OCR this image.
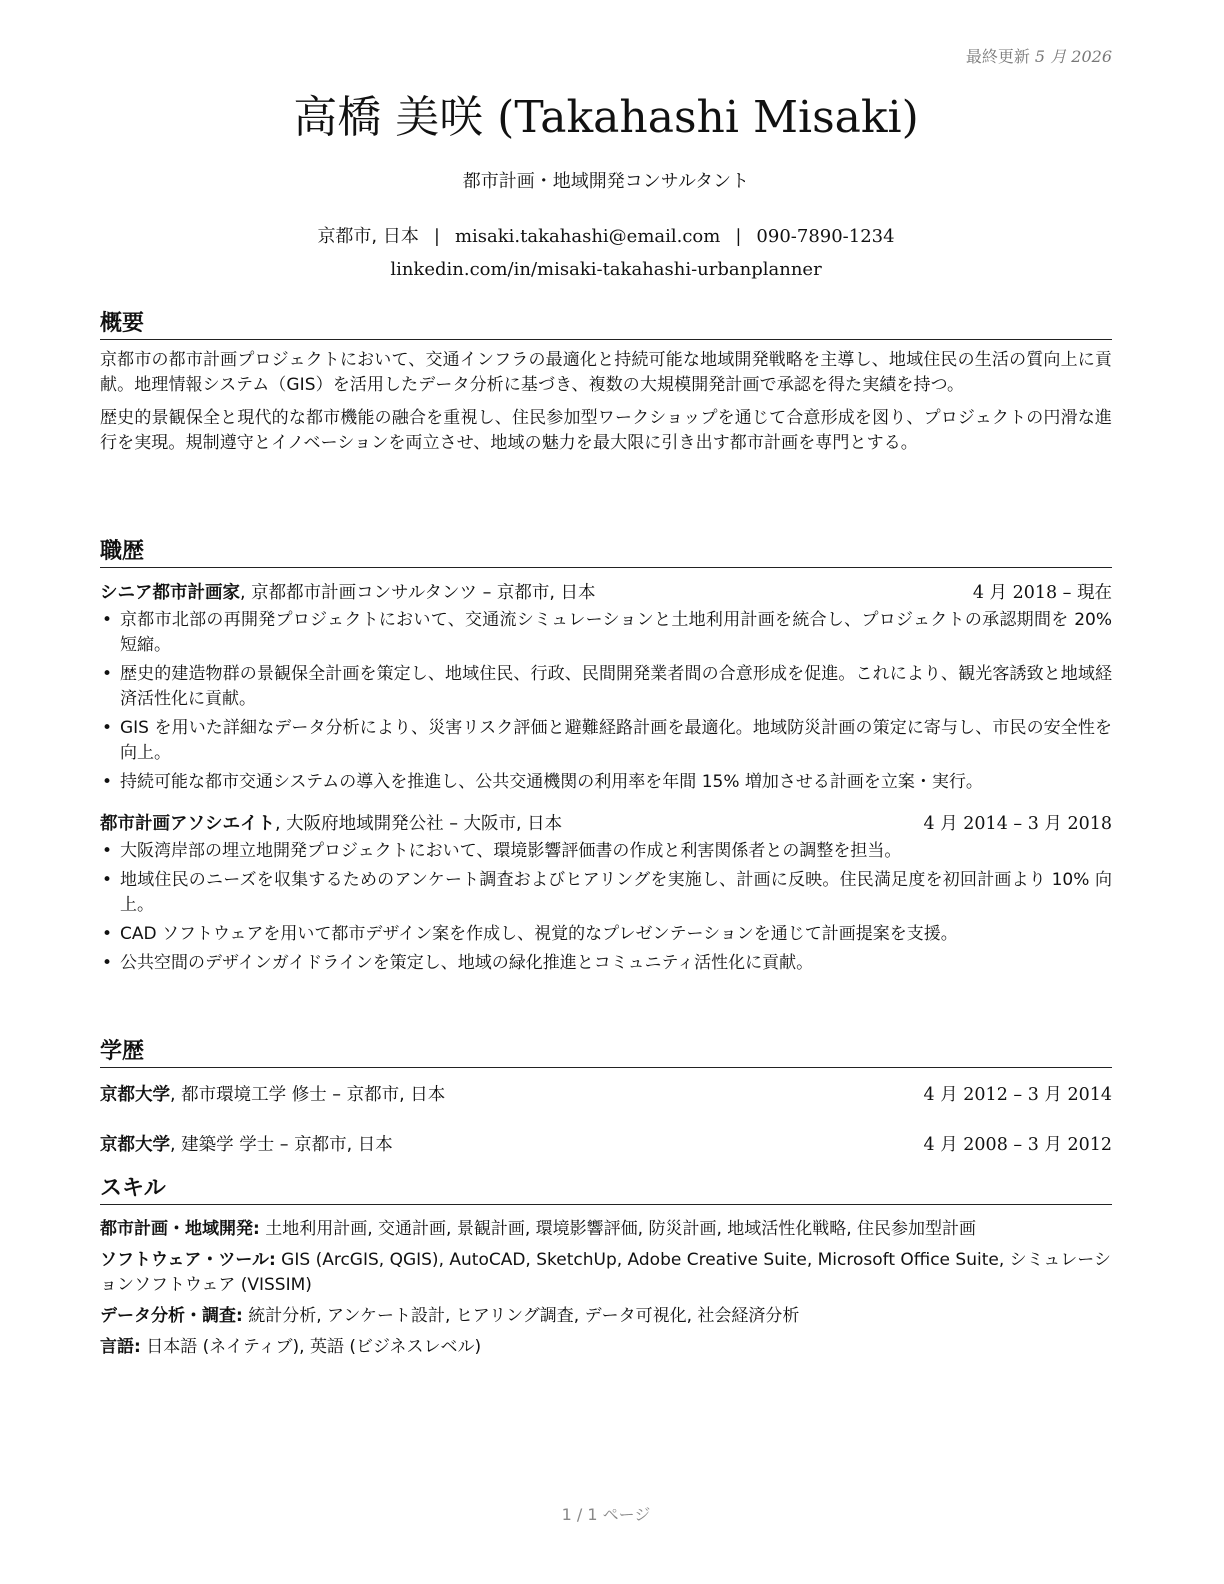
最終更新 5 月 2026
高橋 美咲 (Takahashi Misaki)
都市計画・地域開発コンサルタント
京都市, 日本 | misaki.takahashi@email.com | 090-7890-1234
linkedin.com/in/misaki-takahashi-urbanplanner
概要

京都市の都市計画プロジェクトにおいて、交通インフラの最適化と持続可能な地域開発戦略を主導し、地域住民の生活の質向上に貢献。地理情報システム（GIS）を活用したデータ分析に基づき、複数の大規模開発計画で承認を得た実績を持つ。

歴史的景観保全と現代的な都市機能の融合を重視し、住民参加型ワークショップを通じて合意形成を図り、プロジェクトの円滑な進行を実現。規制遵守とイノベーションを両立させ、地域の魅力を最大限に引き出す都市計画を専門とする。

職歴
シニア都市計画家, 京都都市計画コンサルタンツ – 京都市, 日本	4 月 2018 – 現在
• 京都市北部の再開発プロジェクトにおいて、交通流シミュレーションと土地利用計画を統合し、プロジェクトの承認期間を 20% 短縮。
• 歴史的建造物群の景観保全計画を策定し、地域住民、行政、民間開発業者間の合意形成を促進。これにより、観光客誘致と地域経済活性化に貢献。
• GIS を用いた詳細なデータ分析により、災害リスク評価と避難経路計画を最適化。地域防災計画の策定に寄与し、市民の安全性を向上。
• 持続可能な都市交通システムの導入を推進し、公共交通機関の利用率を年間 15% 増加させる計画を立案・実行。
都市計画アソシエイト, 大阪府地域開発公社 – 大阪市, 日本	4 月 2014 – 3 月 2018
• 大阪湾岸部の埋立地開発プロジェクトにおいて、環境影響評価書の作成と利害関係者との調整を担当。
• 地域住民のニーズを収集するためのアンケート調査およびヒアリングを実施し、計画に反映。住民満足度を初回計画より 10% 向上。
• CAD ソフトウェアを用いて都市デザイン案を作成し、視覚的なプレゼンテーションを通じて計画提案を支援。
• 公共空間のデザインガイドラインを策定し、地域の緑化推進とコミュニティ活性化に貢献。
学歴
京都大学, 都市環境工学 修士 – 京都市, 日本	4 月 2012 – 3 月 2014
京都大学, 建築学 学士 – 京都市, 日本	4 月 2008 – 3 月 2012
スキル
都市計画・地域開発: 土地利用計画, 交通計画, 景観計画, 環境影響評価, 防災計画, 地域活性化戦略, 住民参加型計画
ソフトウェア・ツール: GIS (ArcGIS, QGIS), AutoCAD, SketchUp, Adobe Creative Suite, Microsoft Office Suite, シミュレーションソフトウェア (VISSIM)
データ分析・調査: 統計分析, アンケート設計, ヒアリング調査, データ可視化, 社会経済分析
言語: 日本語 (ネイティブ), 英語 (ビジネスレベル)
1 / 1 ページ
